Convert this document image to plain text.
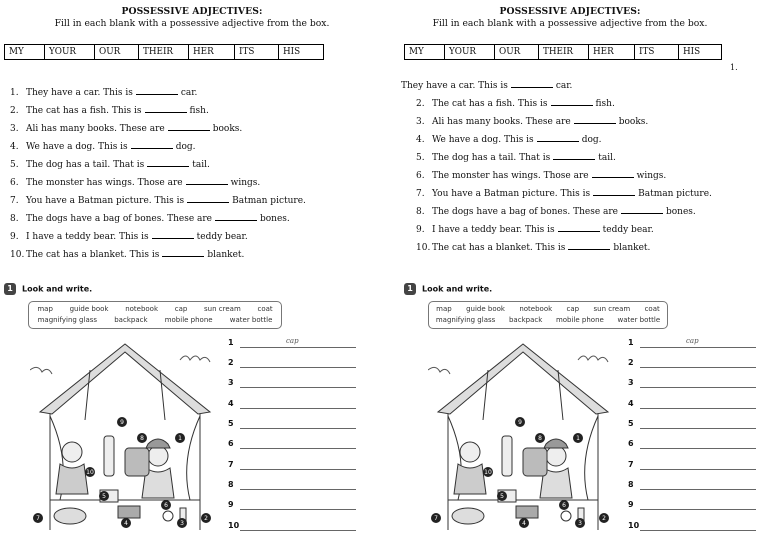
POSSESSIVE ADJECTIVES:
Fill in each blank with a possessive adjective from the box.
MY	YOUR	OUR	THEIR	HER	ITS	HIS
1. They have a car. This is	car.
2. The cat has a fish. This is	fish.
3. Ali has many books. These are	books.
4. We have a dog. This is	dog.
5. The dog has a tail. That is	tail.
6. The monster has wings. Those are	wings.
7. You have a Batman picture. This is	Batman picture.
8. The dogs have a bag of bones. These are	bones.
9. I have a teddy bear. This is	teddy bear.
10. The cat has a blanket. This is	blanket.
1 Look and write.
map guide book notebook cap sun cream coat
magnifying glass backpack mobile phone water bottle
1
2
3
4
5
6
7
8
9
10
1	cap
2
3
4
5
6
7
8
9
10
POSSESSIVE ADJECTIVES:
Fill in each blank with a possessive adjective from the box.
MY	YOUR	OUR	THEIR	HER	ITS	HIS
1.
They have a car. This is	car.
2. The cat has a fish. This is	fish.
3. Ali has many books. These are	books.
4. We have a dog. This is	dog.
5. The dog has a tail. That is	tail.
6. The monster has wings. Those are	wings.
7. You have a Batman picture. This is	Batman picture.
8. The dogs have a bag of bones. These are	bones.
9. I have a teddy bear. This is	teddy bear.
10. The cat has a blanket. This is	blanket.
1 Look and write.
map guide book notebook cap sun cream coat
magnifying glass backpack mobile phone water bottle
1
2
3
4
5
6
7
8
9
10
1	cap
2
3
4
5
6
7
8
9
10
